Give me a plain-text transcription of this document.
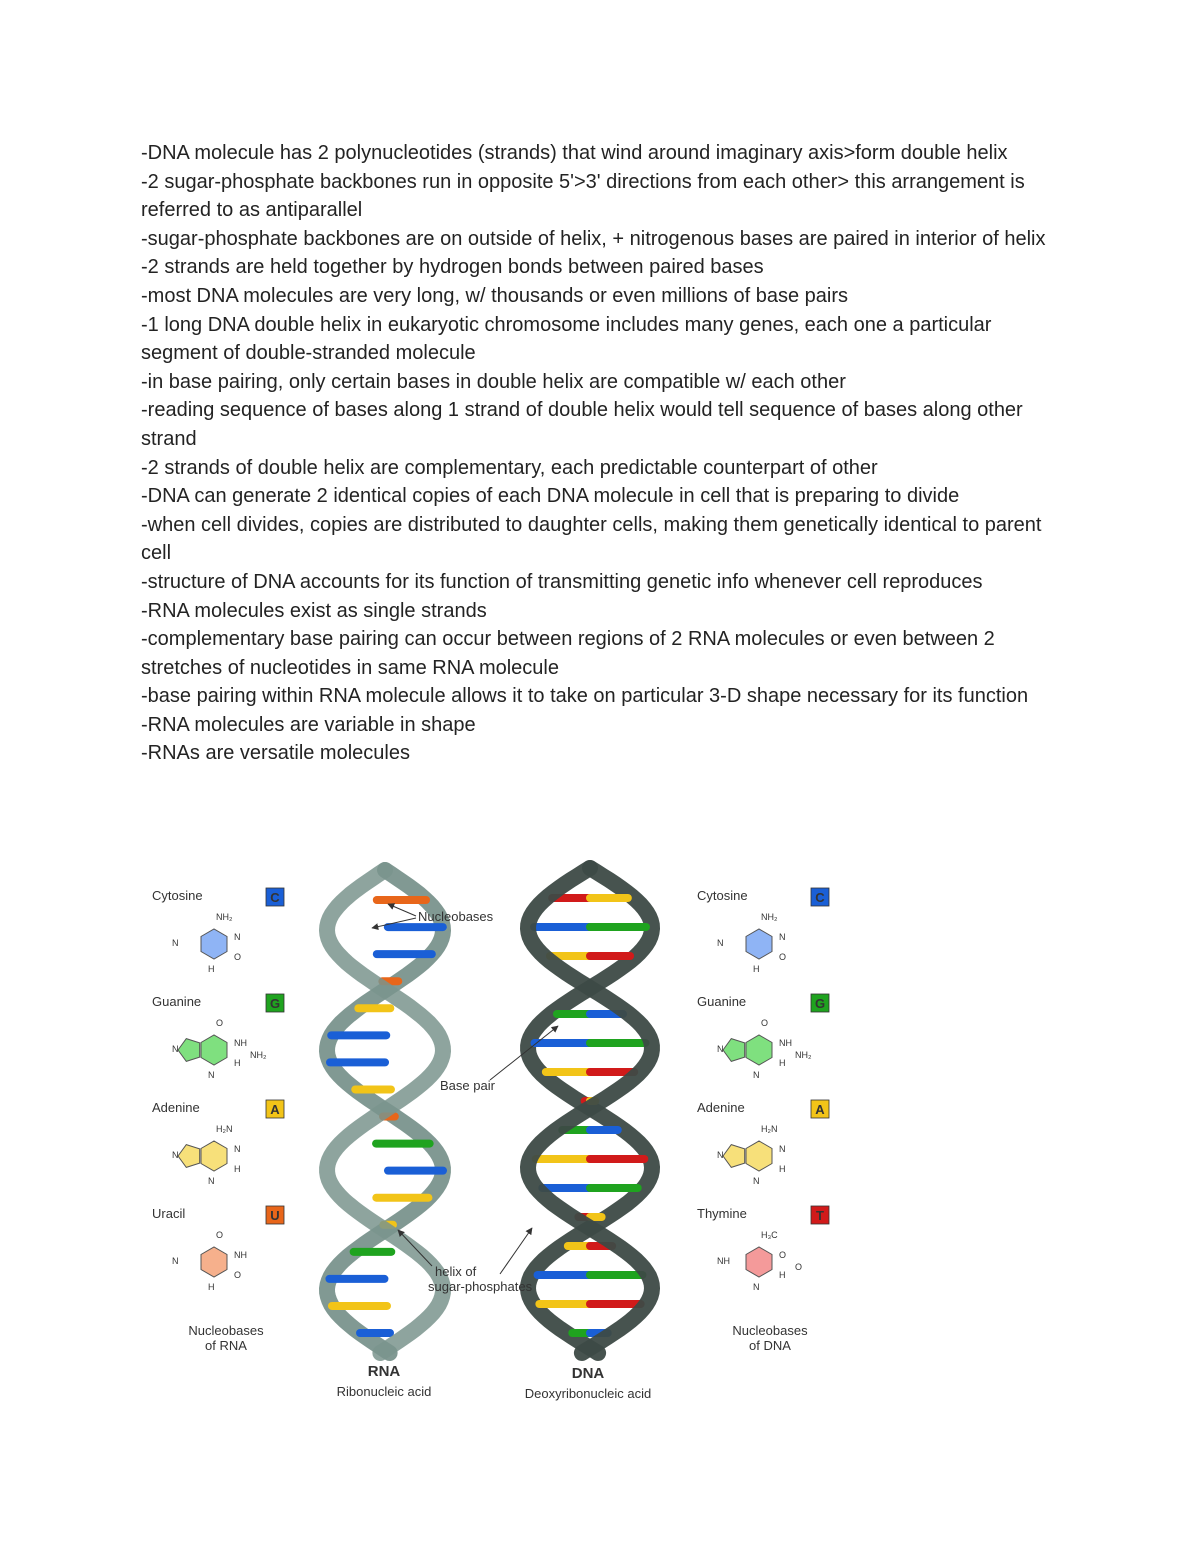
-DNA molecule has 2 polynucleotides (strands) that wind around imaginary axis>form double helix
-2 sugar-phosphate backbones run in opposite 5'>3' directions from each other> this arrangement is referred to as antiparallel
-sugar-phosphate backbones are on outside of helix, + nitrogenous bases are paired in interior of helix
-2 strands are held together by hydrogen bonds between paired bases
-most DNA molecules are very long, w/ thousands or even millions of base pairs
-1 long DNA double helix in eukaryotic chromosome includes many genes, each one a particular segment of double-stranded molecule
-in base pairing, only certain bases in double helix are compatible w/ each other
-reading sequence of bases along 1 strand of double helix would tell sequence of bases along other strand
-2 strands of double helix are complementary, each predictable counterpart of other
-DNA can generate 2 identical copies of each DNA molecule in cell that is preparing to divide
-when cell divides, copies are distributed to daughter cells, making them genetically identical to parent cell
-structure of DNA accounts for its function of transmitting genetic info whenever cell reproduces
-RNA molecules exist as single strands
-complementary base pairing can occur between regions of 2 RNA molecules or even between 2 stretches of nucleotides in same RNA molecule
-base pairing within RNA molecule allows it to take on particular 3-D shape necessary for its function
-RNA molecules are variable in shape
-RNAs are versatile molecules
Cytosine	C
NH₂
N
N
H
O
Guanine	G
O
NH
N
N
H
NH₂
Adenine	A
H₂N
N
N
N
H
Uracil	U
O
NH
N
H
O
Cytosine	C
NH₂
N
N
H
O
Guanine	G
O
NH
N
N
H
NH₂
Adenine	A
H₂N
N
N
N
H
Thymine	T
H₃C
O
NH
N
H
O
Nucleobases
Base pair
helix of
sugar-phosphates
Nucleobases
of RNA
Nucleobases
of DNA
RNA
Ribonucleic acid
DNA
Deoxyribonucleic acid
